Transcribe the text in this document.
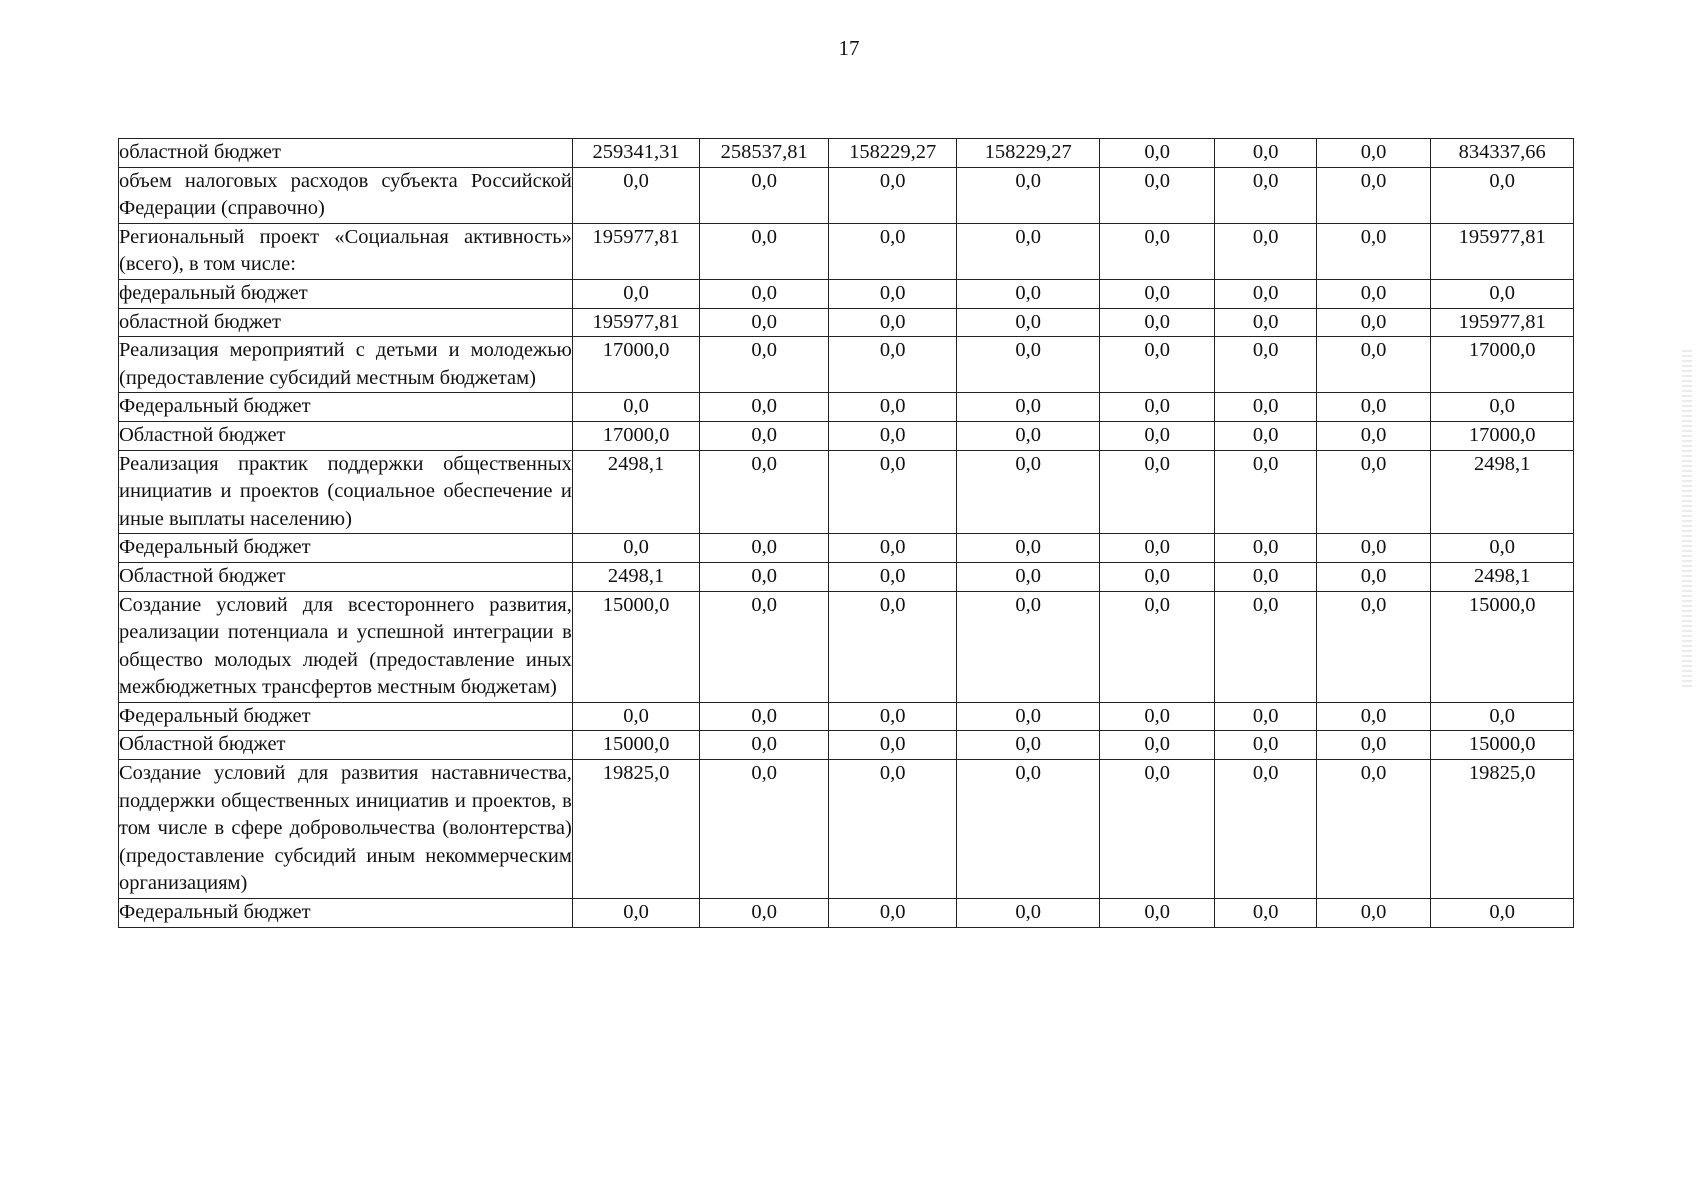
17
областной бюджет	259341,31	258537,81	158229,27	158229,27	0,0	0,0	0,0	834337,66
объем налоговых расходов субъекта Российской Федерации (справочно)	0,0	0,0	0,0	0,0	0,0	0,0	0,0	0,0
Региональный проект «Социальная активность» (всего), в том числе:	195977,81	0,0	0,0	0,0	0,0	0,0	0,0	195977,81
федеральный бюджет	0,0	0,0	0,0	0,0	0,0	0,0	0,0	0,0
областной бюджет	195977,81	0,0	0,0	0,0	0,0	0,0	0,0	195977,81
Реализация мероприятий с детьми и молодежью (предоставление субсидий местным бюджетам)	17000,0	0,0	0,0	0,0	0,0	0,0	0,0	17000,0
Федеральный бюджет	0,0	0,0	0,0	0,0	0,0	0,0	0,0	0,0
Областной бюджет	17000,0	0,0	0,0	0,0	0,0	0,0	0,0	17000,0
Реализация практик поддержки общественных инициатив и проектов (социальное обеспечение и иные выплаты населению)	2498,1	0,0	0,0	0,0	0,0	0,0	0,0	2498,1
Федеральный бюджет	0,0	0,0	0,0	0,0	0,0	0,0	0,0	0,0
Областной бюджет	2498,1	0,0	0,0	0,0	0,0	0,0	0,0	2498,1
Создание условий для всестороннего развития, реализации потенциала и успешной интеграции в общество молодых людей (предоставление иных межбюджетных трансфертов местным бюджетам)	15000,0	0,0	0,0	0,0	0,0	0,0	0,0	15000,0
Федеральный бюджет	0,0	0,0	0,0	0,0	0,0	0,0	0,0	0,0
Областной бюджет	15000,0	0,0	0,0	0,0	0,0	0,0	0,0	15000,0
Создание условий для развития наставничества, поддержки общественных инициатив и проектов, в том числе в сфере добровольчества (волонтерства) (предоставление субсидий иным некоммерческим организациям)	19825,0	0,0	0,0	0,0	0,0	0,0	0,0	19825,0
Федеральный бюджет	0,0	0,0	0,0	0,0	0,0	0,0	0,0	0,0
